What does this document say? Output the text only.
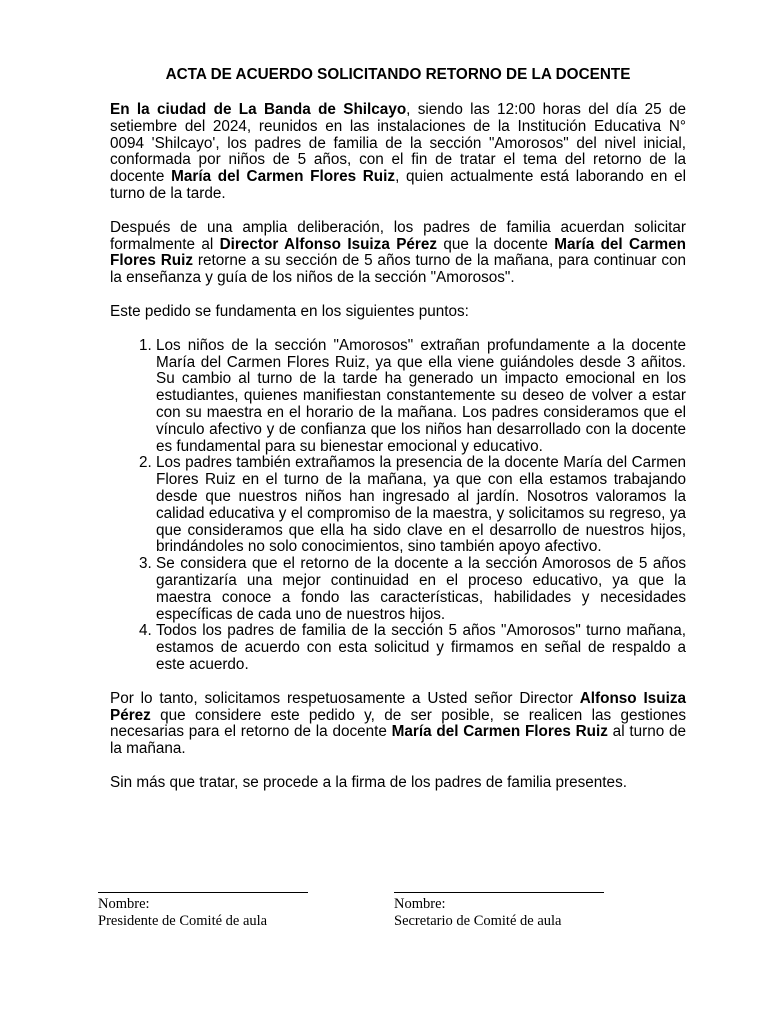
ACTA DE ACUERDO SOLICITANDO RETORNO DE LA DOCENTE

En la ciudad de La Banda de Shilcayo, siendo las 12:00 horas del día 25 de setiembre del 2024, reunidos en las instalaciones de la Institución Educativa N° 0094 'Shilcayo', los padres de familia de la sección "Amorosos" del nivel inicial, conformada por niños de 5 años, con el fin de tratar el tema del retorno de la docente María del Carmen Flores Ruiz, quien actualmente está laborando en el turno de la tarde.

Después de una amplia deliberación, los padres de familia acuerdan solicitar formalmente al Director Alfonso Isuiza Pérez que la docente María del Carmen Flores Ruiz retorne a su sección de 5 años turno de la mañana, para continuar con la enseñanza y guía de los niños de la sección "Amorosos".

Este pedido se fundamenta en los siguientes puntos:

1. Los niños de la sección "Amorosos" extrañan profundamente a la docente María del Carmen Flores Ruiz, ya que ella viene guiándoles desde 3 añitos. Su cambio al turno de la tarde ha generado un impacto emocional en los estudiantes, quienes manifiestan constantemente su deseo de volver a estar con su maestra en el horario de la mañana. Los padres consideramos que el vínculo afectivo y de confianza que los niños han desarrollado con la docente es fundamental para su bienestar emocional y educativo.
2. Los padres también extrañamos la presencia de la docente María del Carmen Flores Ruiz en el turno de la mañana, ya que con ella estamos trabajando desde que nuestros niños han ingresado al jardín. Nosotros valoramos la calidad educativa y el compromiso de la maestra, y solicitamos su regreso, ya que consideramos que ella ha sido clave en el desarrollo de nuestros hijos, brindándoles no solo conocimientos, sino también apoyo afectivo.
3. Se considera que el retorno de la docente a la sección Amorosos de 5 años garantizaría una mejor continuidad en el proceso educativo, ya que la maestra conoce a fondo las características, habilidades y necesidades específicas de cada uno de nuestros hijos.
4. Todos los padres de familia de la sección 5 años "Amorosos" turno mañana, estamos de acuerdo con esta solicitud y firmamos en señal de respaldo a este acuerdo.

Por lo tanto, solicitamos respetuosamente a Usted señor Director Alfonso Isuiza Pérez que considere este pedido y, de ser posible, se realicen las gestiones necesarias para el retorno de la docente María del Carmen Flores Ruiz al turno de la mañana.

Sin más que tratar, se procede a la firma de los padres de familia presentes.

Nombre:
Presidente de Comité de aula
Nombre:
Secretario de Comité de aula
